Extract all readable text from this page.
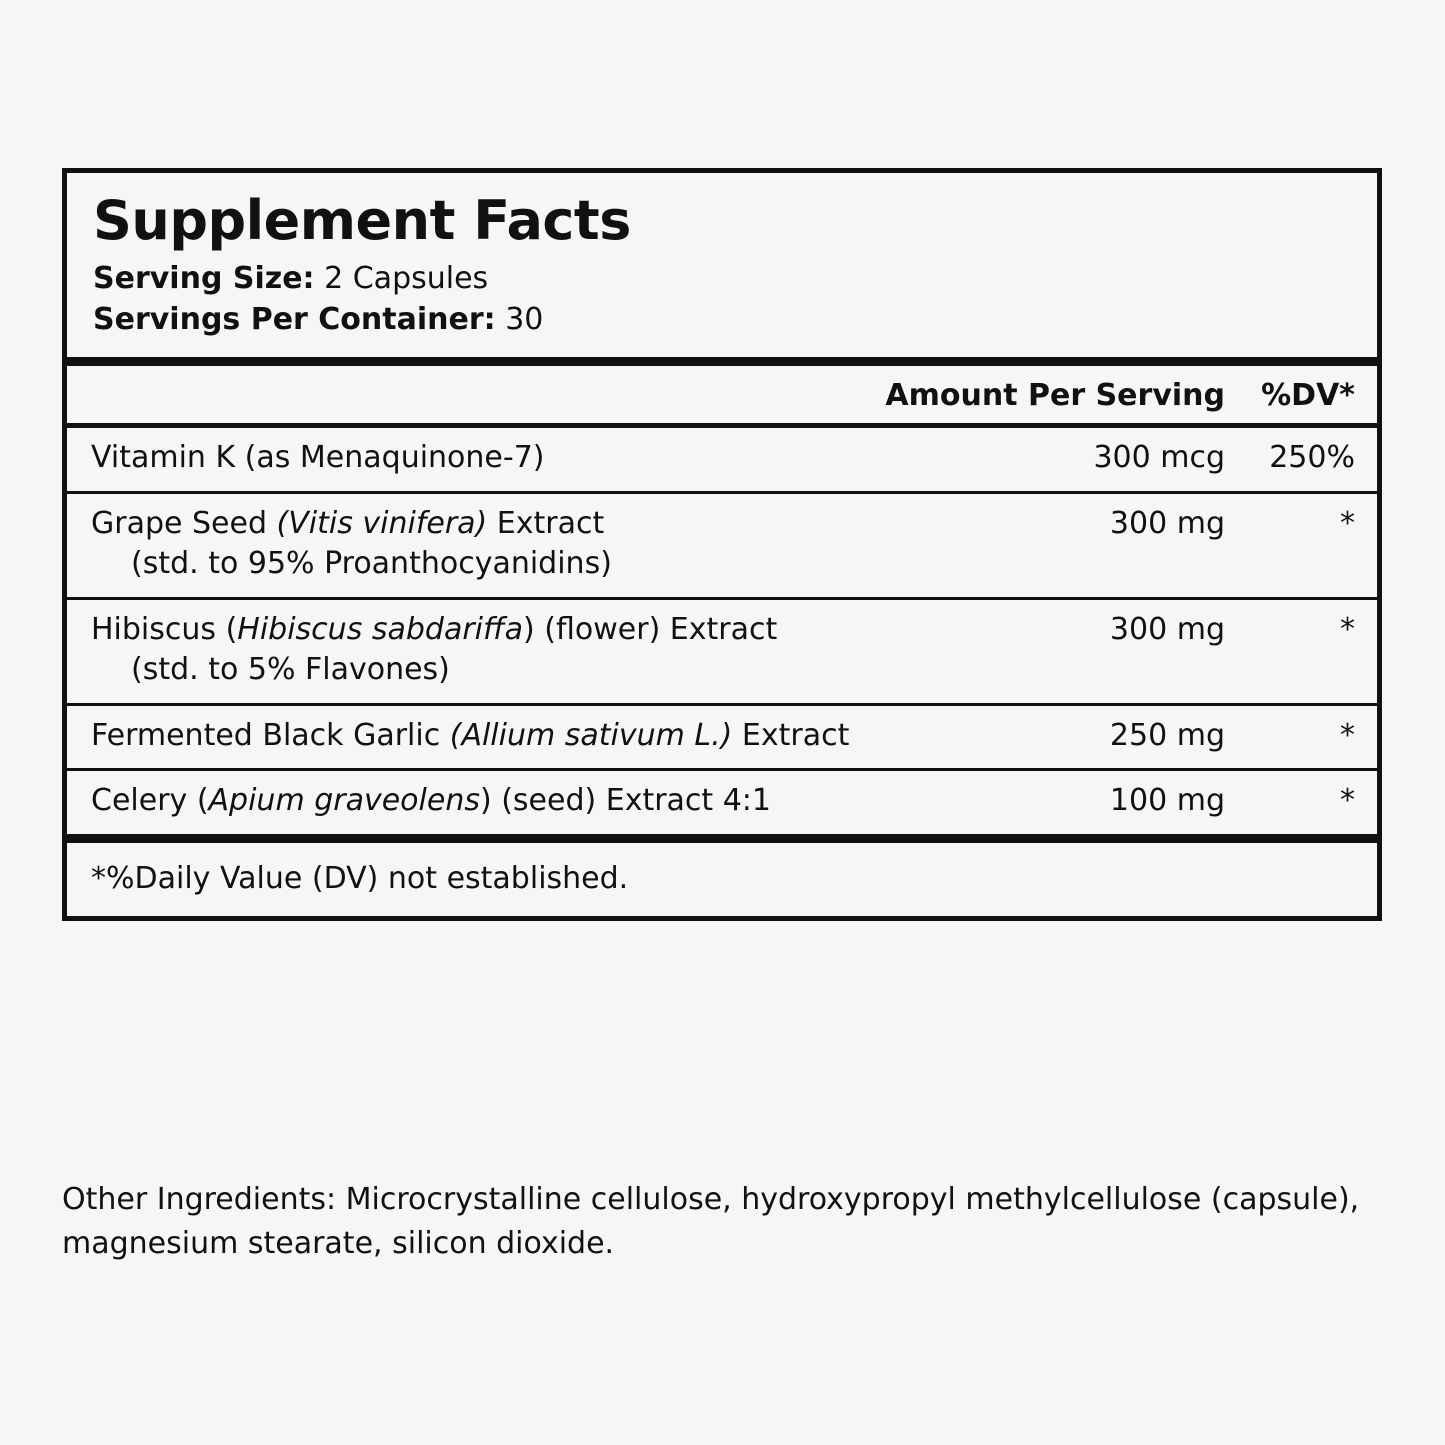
Supplement Facts
Serving Size: 2 Capsules
Servings Per Container: 30
Amount Per Serving	%DV*
Vitamin K (as Menaquinone-7)	300 mcg	250%
Grape Seed (Vitis vinifera) Extract
(std. to 95% Proanthocyanidins)
300 mg	*
Hibiscus (Hibiscus sabdariffa) (flower) Extract
(std. to 5% Flavones)
300 mg	*
Fermented Black Garlic (Allium sativum L.) Extract	250 mg	*
Celery (Apium graveolens) (seed) Extract 4:1	100 mg	*
*%Daily Value (DV) not established.
Other Ingredients: Microcrystalline cellulose, hydroxypropyl methylcellulose (capsule), magnesium stearate, silicon dioxide.
